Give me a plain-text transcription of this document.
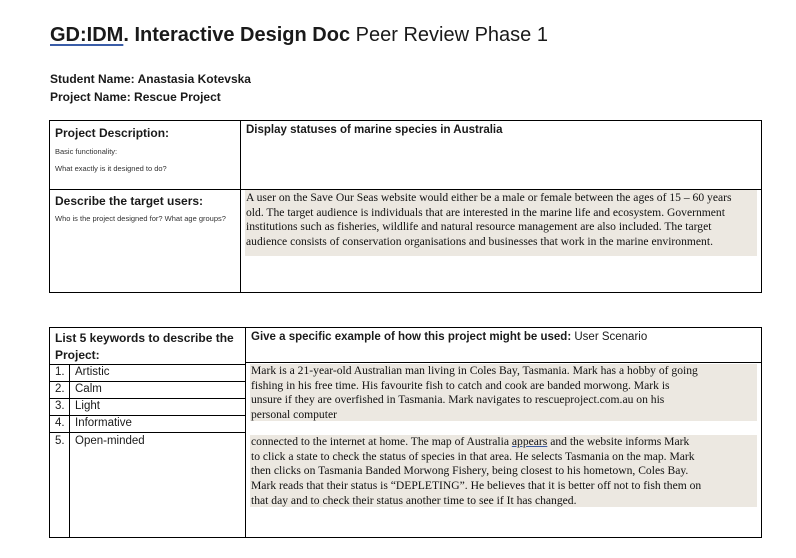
GD:IDM. Interactive Design Doc Peer Review Phase 1
Student Name: Anastasia Kotevska
Project Name: Rescue Project
Project Description:
Basic functionality:
What exactly is it designed to do?
Display statuses of marine species in Australia
Describe the target users:
Who is the project designed for? What age groups?
A user on the Save Our Seas website would either be a male or female between the ages of 15 – 60 years
old. The target audience is individuals that are interested in the marine life and ecosystem. Government
institutions such as fisheries, wildlife and natural resource management are also included. The target
audience consists of conservation organisations and businesses that work in the marine environment.
List 5 keywords to describe the Project:
1. Artistic
2. Calm
3. Light
4. Informative
5. Open-minded
Give a specific example of how this project might be used: User Scenario
Mark is a 21-year-old Australian man living in Coles Bay, Tasmania. Mark has a hobby of going
fishing in his free time. His favourite fish to catch and cook are banded morwong. Mark is
unsure if they are overfished in Tasmania. Mark navigates to rescueproject.com.au on his
personal computer
connected to the internet at home. The map of Australia appears and the website informs Mark
to click a state to check the status of species in that area. He selects Tasmania on the map. Mark
then clicks on Tasmania Banded Morwong Fishery, being closest to his hometown, Coles Bay.
Mark reads that their status is “DEPLETING”. He believes that it is better off not to fish them on
that day and to check their status another time to see if It has changed.
